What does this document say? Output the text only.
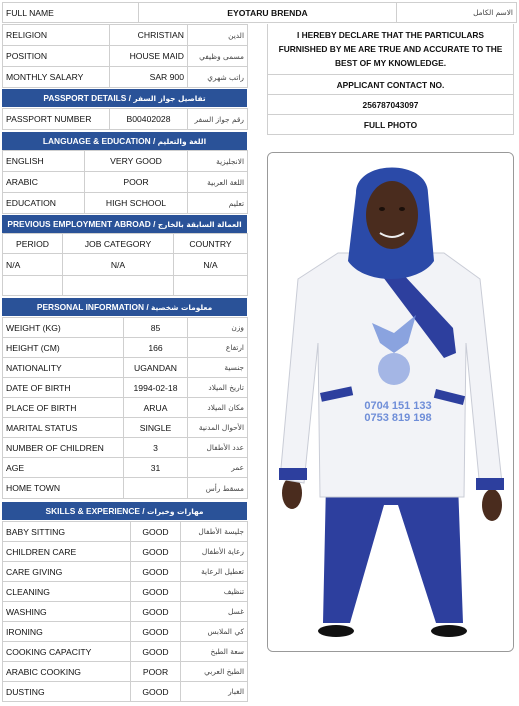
FULL NAME	EYOTARU BRENDA	الاسم الكامل
RELIGION	CHRISTIAN	الدين
POSITION	HOUSE MAID	مسمى وظيفي
MONTHLY SALARY	SAR 900	راتب شهري
PASSPORT DETAILS / تفاصيل جواز السفر
PASSPORT NUMBER	B00402028	رقم جواز السفر
LANGUAGE & EDUCATION / اللغة والتعليم
ENGLISH	VERY GOOD	الانجليزية
ARABIC	POOR	اللغة العربية
EDUCATION	HIGH SCHOOL	تعليم
PREVIOUS EMPLOYMENT ABROAD / العمالة السابقة بالخارج
PERIOD	JOB CATEGORY	COUNTRY
N/A	N/A	N/A

PERSONAL INFORMATION / معلومات شخصية
WEIGHT (KG)	85	وزن
HEIGHT (CM)	166	ارتفاع
NATIONALITY	UGANDAN	جنسية
DATE OF BIRTH	1994-02-18	تاريخ الميلاد
PLACE OF BIRTH	ARUA	مكان الميلاد
MARITAL STATUS	SINGLE	الأحوال المدنية
NUMBER OF CHILDREN	3	عدد الأطفال
AGE	31	عمر
HOME TOWN		مسقط رأس
SKILLS & EXPERIENCE / مهارات وخبرات
BABY SITTING	GOOD	جليسة الأطفال
CHILDREN CARE	GOOD	رعاية الأطفال
CARE GIVING	GOOD	تعطيل الرعاية
CLEANING	GOOD	تنظيف
WASHING	GOOD	غسل
IRONING	GOOD	كي الملابس
COOKING CAPACITY	GOOD	سعة الطبخ
ARABIC COOKING	POOR	الطبخ العربي
DUSTING	GOOD	الغبار
I HEREBY DECLARE THAT THE PARTICULARS FURNISHED BY ME ARE TRUE AND ACCURATE TO THE BEST OF MY KNOWLEDGE.
APPLICANT CONTACT NO.
256787043097
FULL PHOTO
0704 151 133
0753 819 198
